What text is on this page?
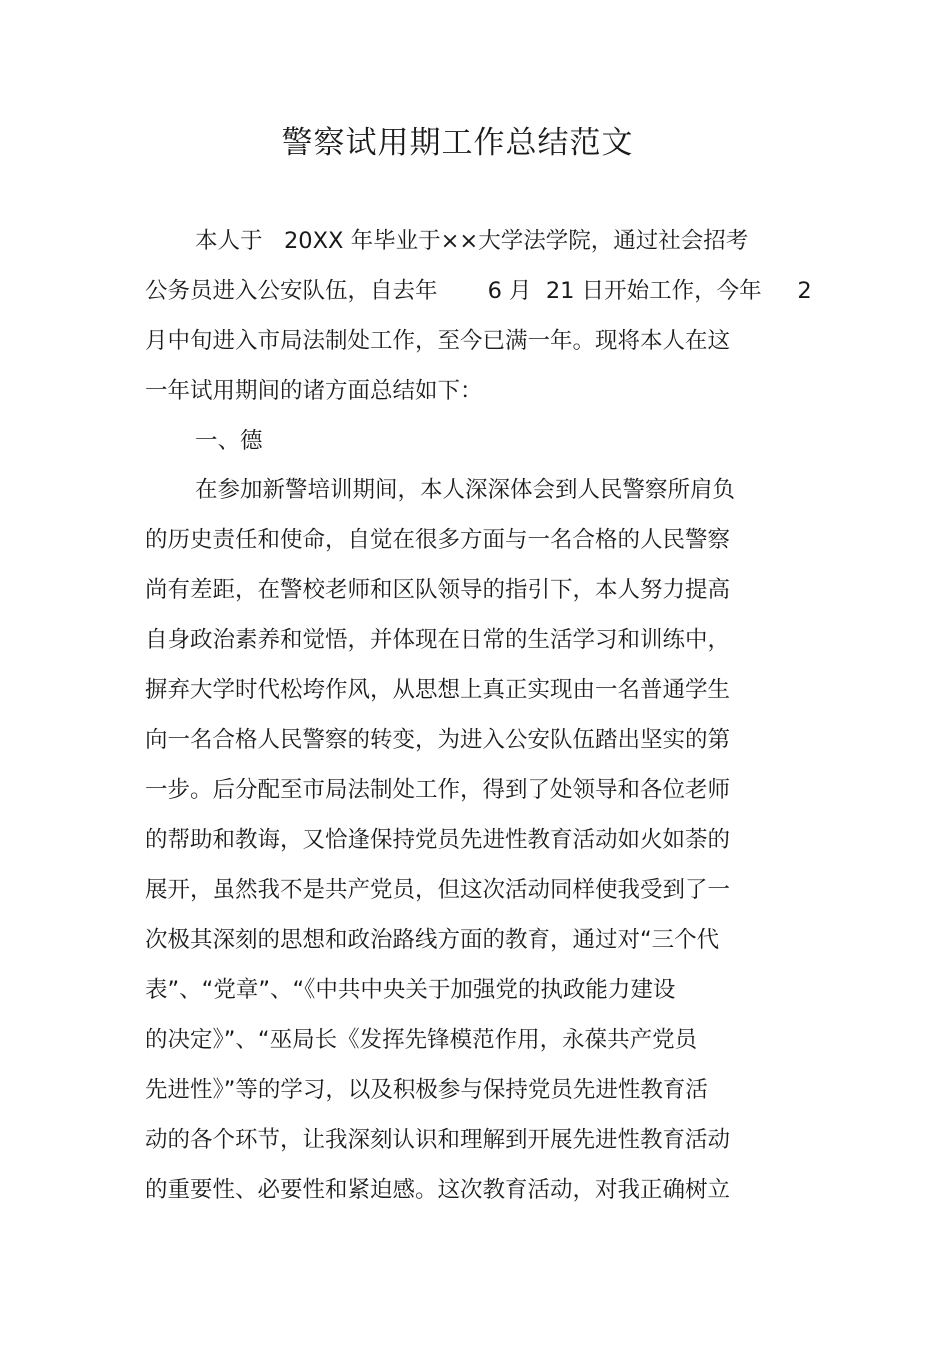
警察试用期工作总结范文
本人于   20XX 年毕业于××大学法学院，通过社会招考
公务员进入公安队伍，自去年       6 月  21 日开始工作，今年     2
月中旬进入市局法制处工作，至今已满一年。现将本人在这
一年试用期间的诸方面总结如下：
一、德
在参加新警培训期间，本人深深体会到人民警察所肩负
的历史责任和使命，自觉在很多方面与一名合格的人民警察
尚有差距，在警校老师和区队领导的指引下，本人努力提高
自身政治素养和觉悟，并体现在日常的生活学习和训练中，
摒弃大学时代松垮作风，从思想上真正实现由一名普通学生
向一名合格人民警察的转变，为进入公安队伍踏出坚实的第
一步。后分配至市局法制处工作，得到了处领导和各位老师
的帮助和教诲，又恰逢保持党员先进性教育活动如火如荼的
展开，虽然我不是共产党员，但这次活动同样使我受到了一
次极其深刻的思想和政治路线方面的教育，通过对“三个代
表”、“党章”、“《中共中央关于加强党的执政能力建设
的决定》”、“巫局长《发挥先锋模范作用，永葆共产党员
先进性》”等的学习，以及积极参与保持党员先进性教育活
动的各个环节，让我深刻认识和理解到开展先进性教育活动
的重要性、必要性和紧迫感。这次教育活动，对我正确树立
